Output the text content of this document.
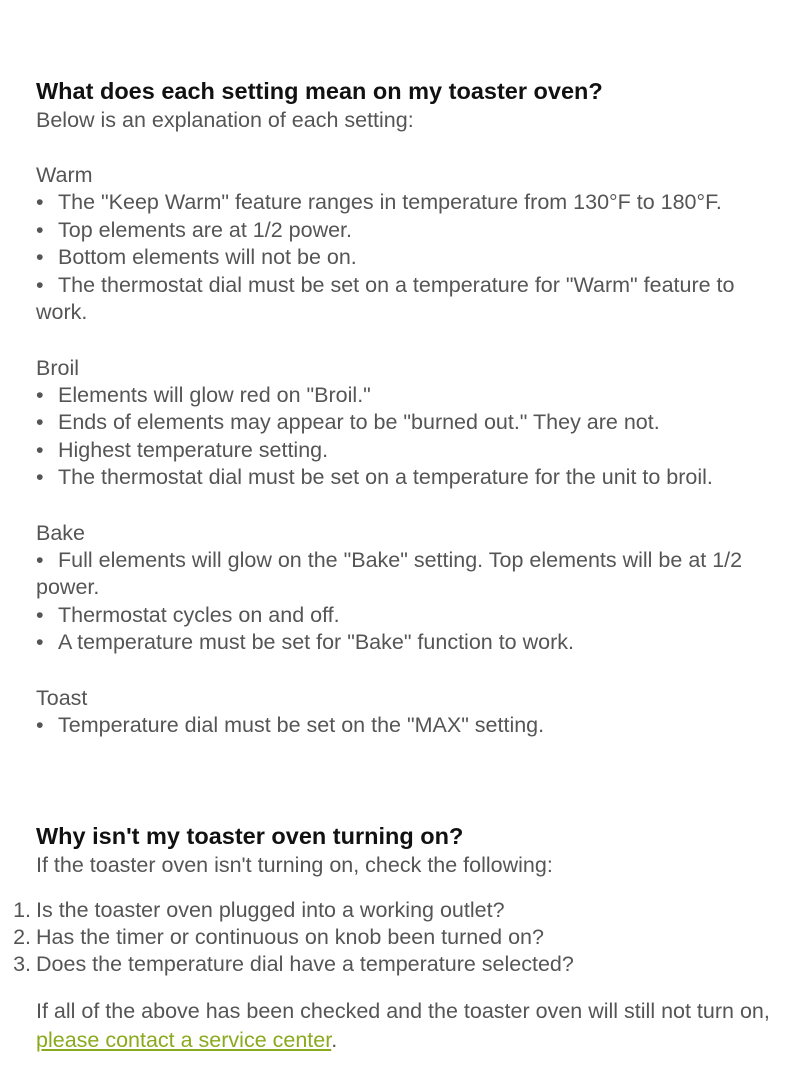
What does each setting mean on my toaster oven?

Below is an explanation of each setting:

Warm

• The "Keep Warm" feature ranges in temperature from 130°F to 180°F.
• Top elements are at 1/2 power.
• Bottom elements will not be on.
• The thermostat dial must be set on a temperature for "Warm" feature to work.

Broil

• Elements will glow red on "Broil."
• Ends of elements may appear to be "burned out." They are not.
• Highest temperature setting.
• The thermostat dial must be set on a temperature for the unit to broil.

Bake

• Full elements will glow on the "Bake" setting. Top elements will be at 1/2 power.
• Thermostat cycles on and off.
• A temperature must be set for "Bake" function to work.

Toast

• Temperature dial must be set on the "MAX" setting.
Why isn't my toaster oven turning on?

If the toaster oven isn't turning on, check the following:

1. Is the toaster oven plugged into a working outlet?
2. Has the timer or continuous on knob been turned on?
3. Does the temperature dial have a temperature selected?

If all of the above has been checked and the toaster oven will still not turn on, please contact a service center.
